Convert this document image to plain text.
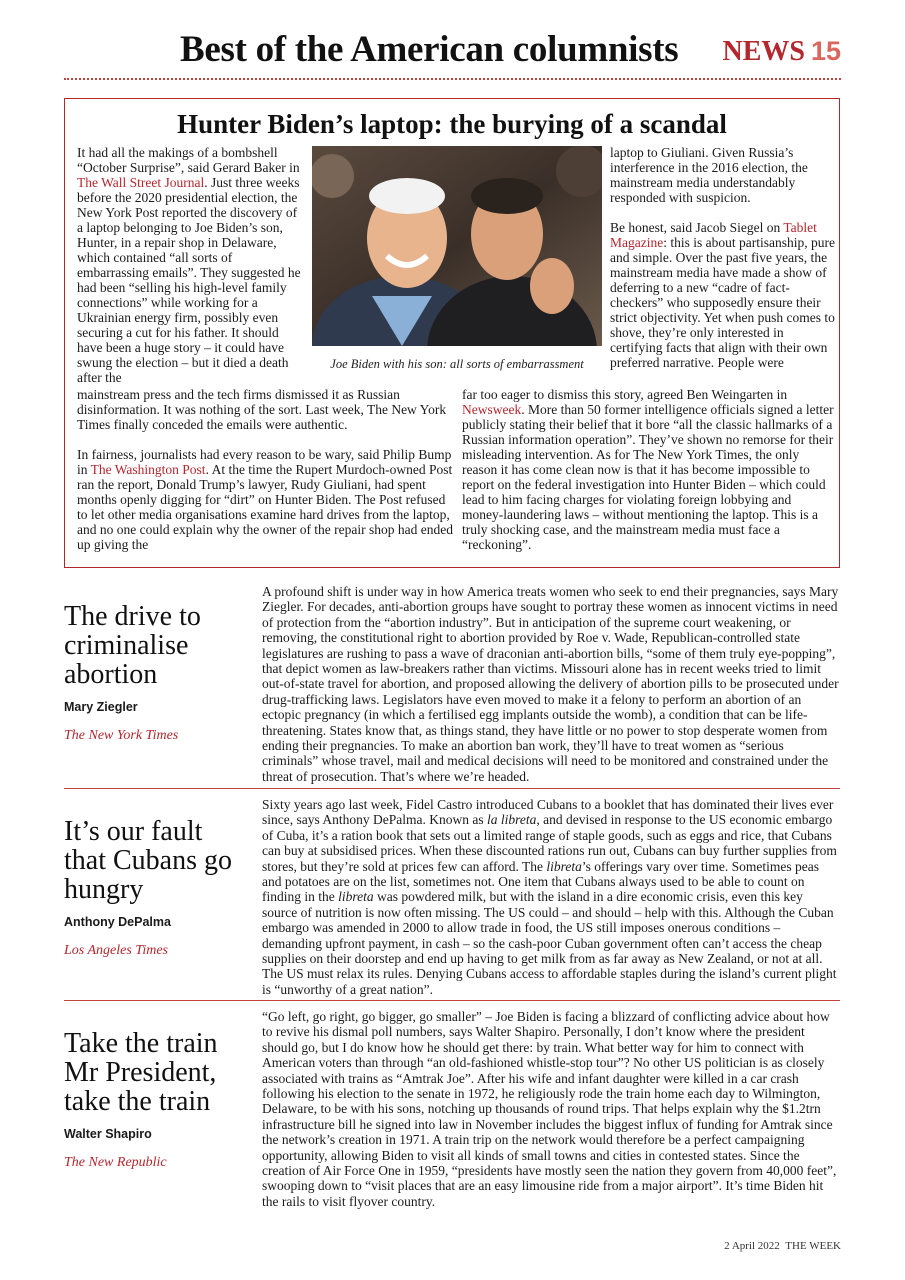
Best of the American columnists NEWS 15
Hunter Biden’s laptop: the burying of a scandal

It had all the makings of a bombshell “October Surprise”, said Gerard Baker in The Wall Street Journal. Just three weeks before the 2020 presidential election, the New York Post reported the discovery of a laptop belonging to Joe Biden’s son, Hunter, in a repair shop in Delaware, which contained “all sorts of embarrassing emails”. They suggested he had been “selling his high-level family connections” while working for a Ukrainian energy firm, possibly even securing a cut for his father. It should have been a huge story – it could have swung the election – but it died a death after the

Joe Biden with his son: all sorts of embarrassment

laptop to Giuliani. Given Russia’s interference in the 2016 election, the mainstream media understandably responded with suspicion.

Be honest, said Jacob Siegel on Tablet Magazine: this is about partisanship, pure and simple. Over the past five years, the mainstream media have made a show of deferring to a new “cadre of fact-checkers” who supposedly ensure their strict objectivity. Yet when push comes to shove, they’re only interested in certifying facts that align with their own preferred narrative. People were

mainstream press and the tech firms dismissed it as Russian disinformation. It was nothing of the sort. Last week, The New York Times finally conceded the emails were authentic.

In fairness, journalists had every reason to be wary, said Philip Bump in The Washington Post. At the time the Rupert Murdoch-owned Post ran the report, Donald Trump’s lawyer, Rudy Giuliani, had spent months openly digging for “dirt” on Hunter Biden. The Post refused to let other media organisations examine hard drives from the laptop, and no one could explain why the owner of the repair shop had ended up giving the

far too eager to dismiss this story, agreed Ben Weingarten in Newsweek. More than 50 former intelligence officials signed a letter publicly stating their belief that it bore “all the classic hallmarks of a Russian information operation”. They’ve shown no remorse for their misleading intervention. As for The New York Times, the only reason it has come clean now is that it has become impossible to report on the federal investigation into Hunter Biden – which could lead to him facing charges for violating foreign lobbying and money-laundering laws – without mentioning the laptop. This is a truly shocking case, and the mainstream media must face a “reckoning”.

The drive to criminalise abortion
Mary Ziegler
The New York Times
A profound shift is under way in how America treats women who seek to end their pregnancies, says Mary Ziegler. For decades, anti-abortion groups have sought to portray these women as innocent victims in need of protection from the “abortion industry”. But in anticipation of the supreme court weakening, or removing, the constitutional right to abortion provided by Roe v. Wade, Republican-controlled state legislatures are rushing to pass a wave of draconian anti-abortion bills, “some of them truly eye-popping”, that depict women as law-breakers rather than victims. Missouri alone has in recent weeks tried to limit out-of-state travel for abortion, and proposed allowing the delivery of abortion pills to be prosecuted under drug-trafficking laws. Legislators have even moved to make it a felony to perform an abortion of an ectopic pregnancy (in which a fertilised egg implants outside the womb), a condition that can be life-threatening. States know that, as things stand, they have little or no power to stop desperate women from ending their pregnancies. To make an abortion ban work, they’ll have to treat women as “serious criminals” whose travel, mail and medical decisions will need to be monitored and constrained under the threat of prosecution. That’s where we’re headed.
It’s our fault that Cubans go hungry
Anthony DePalma
Los Angeles Times
Sixty years ago last week, Fidel Castro introduced Cubans to a booklet that has dominated their lives ever since, says Anthony DePalma. Known as la libreta, and devised in response to the US economic embargo of Cuba, it’s a ration book that sets out a limited range of staple goods, such as eggs and rice, that Cubans can buy at subsidised prices. When these discounted rations run out, Cubans can buy further supplies from stores, but they’re sold at prices few can afford. The libreta’s offerings vary over time. Sometimes peas and potatoes are on the list, sometimes not. One item that Cubans always used to be able to count on finding in the libreta was powdered milk, but with the island in a dire economic crisis, even this key source of nutrition is now often missing. The US could – and should – help with this. Although the Cuban embargo was amended in 2000 to allow trade in food, the US still imposes onerous conditions – demanding upfront payment, in cash – so the cash-poor Cuban government often can’t access the cheap supplies on their doorstep and end up having to get milk from as far away as New Zealand, or not at all. The US must relax its rules. Denying Cubans access to affordable staples during the island’s current plight is “unworthy of a great nation”.
Take the train Mr President, take the train
Walter Shapiro
The New Republic
“Go left, go right, go bigger, go smaller” – Joe Biden is facing a blizzard of conflicting advice about how to revive his dismal poll numbers, says Walter Shapiro. Personally, I don’t know where the president should go, but I do know how he should get there: by train. What better way for him to connect with American voters than through “an old-fashioned whistle-stop tour”? No other US politician is as closely associated with trains as “Amtrak Joe”. After his wife and infant daughter were killed in a car crash following his election to the senate in 1972, he religiously rode the train home each day to Wilmington, Delaware, to be with his sons, notching up thousands of round trips. That helps explain why the $1.2trn infrastructure bill he signed into law in November includes the biggest influx of funding for Amtrak since the network’s creation in 1971. A train trip on the network would therefore be a perfect campaigning opportunity, allowing Biden to visit all kinds of small towns and cities in contested states. Since the creation of Air Force One in 1959, “presidents have mostly seen the nation they govern from 40,000 feet”, swooping down to “visit places that are an easy limousine ride from a major airport”. It’s time Biden hit the rails to visit flyover country.
2 April 2022 THE WEEK
